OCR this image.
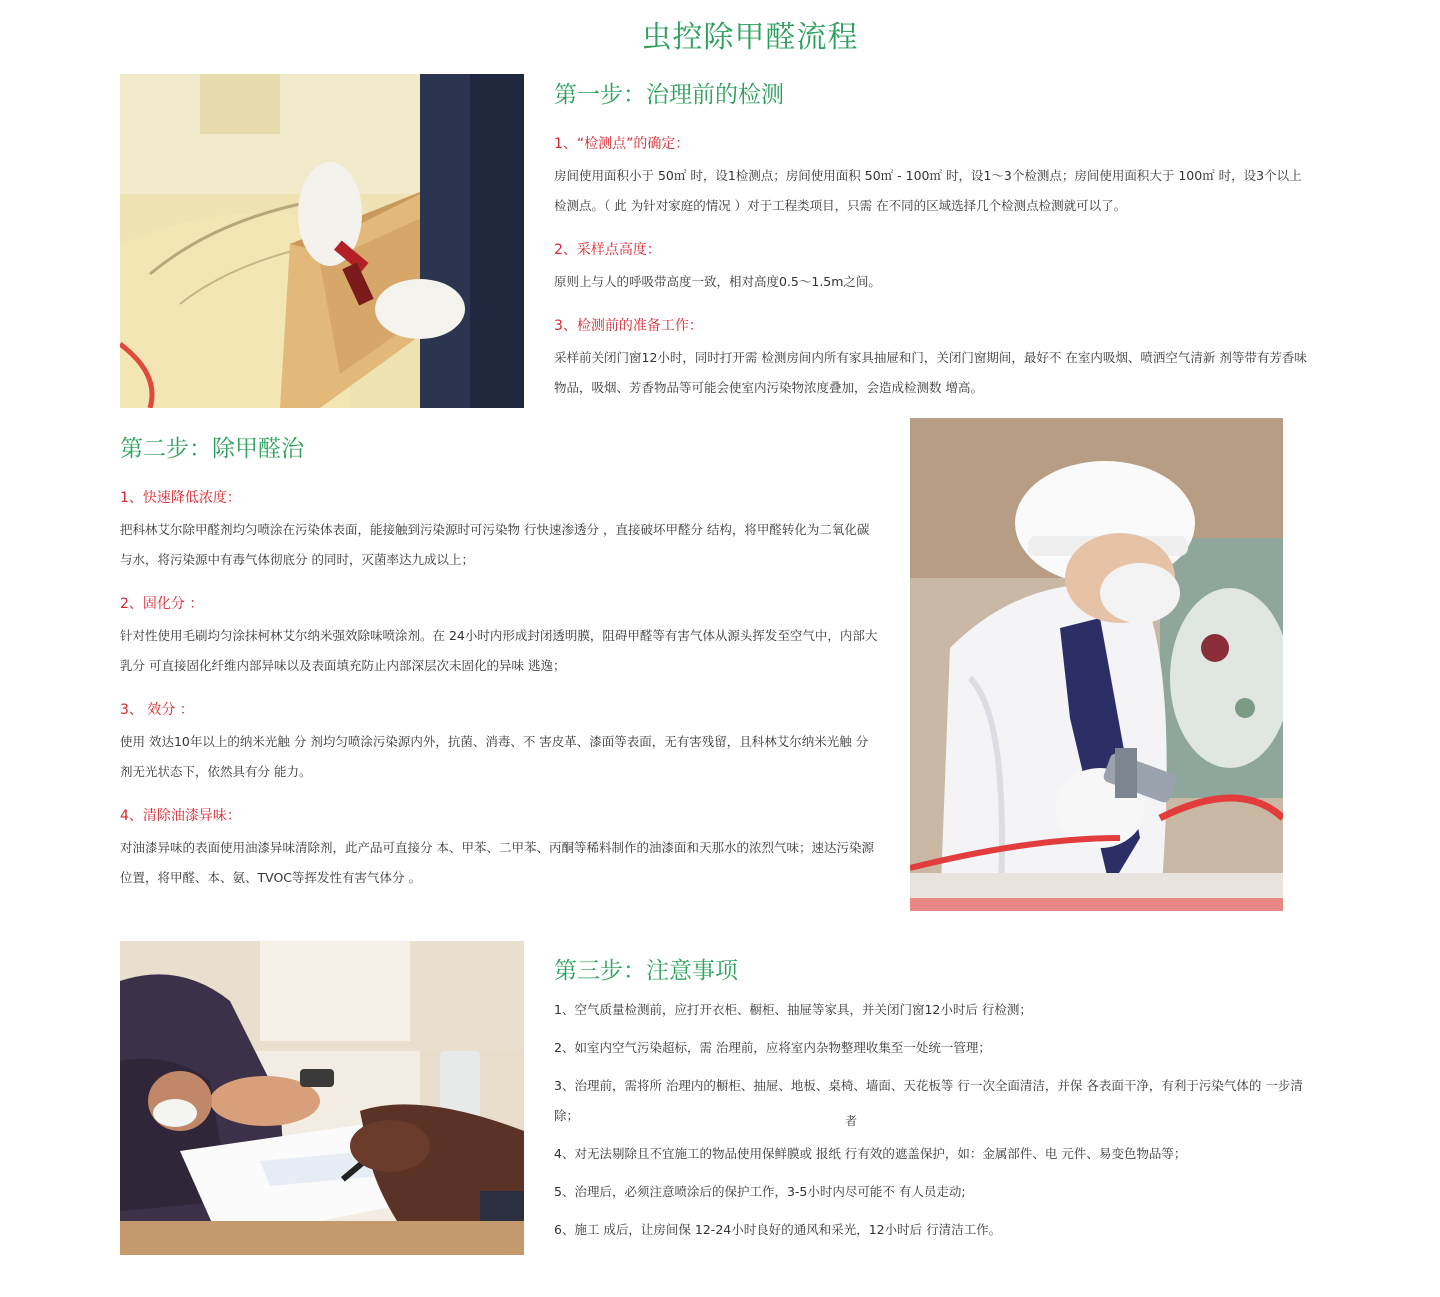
虫控除甲醛流程
第一步：治理前的检测

1、“检测点”的确定：

房间使用面积小于 50㎡ 时，设1检测点；房间使用面积 50㎡ - 100㎡ 时，设1～3个检测点；房间使用面积大于 100㎡ 时，设3个以上检测点。（ 此 为针对家庭的情况 ）对于工程类项目，只需 在不同的区域选择几个检测点检测就可以了。

2、采样点高度：

原则上与人的呼吸带高度一致，相对高度0.5～1.5m之间。

3、检测前的准备工作：

采样前关闭门窗12小时，同时打开需 检测房间内所有家具抽屉和门，关闭门窗期间，最好不 在室内吸烟、喷洒空气清新 剂等带有芳香味物品，吸烟、芳香物品等可能会使室内污染物浓度叠加，会造成检测数 增高。

第二步：除甲醛治

1、快速降低浓度：

把科林艾尔除甲醛剂均匀喷涂在污染体表面，能接触到污染源时可污染物 行快速渗透分 ，直接破坏甲醛分 结构，将甲醛转化为二氧化碳与水，将污染源中有毒气体彻底分 的同时，灭菌率达九成以上；

2、固化分 ：

针对性使用毛刷均匀涂抹柯林艾尔纳米强效除味喷涂剂。在 24小时内形成封闭透明膜，阻碍甲醛等有害气体从源头挥发至空气中，内部大乳分 可直接固化纤维内部异味以及表面填充防止内部深层次未固化的异味 逃逸；

3、 效分 ：

使用 效达10年以上的纳米光触 分 剂均匀喷涂污染源内外，抗菌、消毒、不 害皮革、漆面等表面，无有害残留，且科林艾尔纳米光触 分 剂无光状态下，依然具有分 能力。

4、清除油漆异味：

对油漆异味的表面使用油漆异味清除剂，此产品可直接分 本、甲苯、二甲苯、丙酮等稀料制作的油漆面和天那水的浓烈气味；速达污染源位置，将甲醛、本、氨、TVOC等挥发性有害气体分 。

第三步：注意事项

1、空气质量检测前，应打开衣柜、橱柜、抽屉等家具，并关闭门窗12小时后 行检测；

2、如室内空气污染超标，需 治理前，应将室内杂物整理收集至一处统一管理；

3、治理前，需将所 治理内的橱柜、抽屉、地板、桌椅、墙面、天花板等 行一次全面清洁，并保 各表面干净，有利于污染气体的 一步清除；

4、对无法剔除且不宜施工的物品使用保鲜膜或 报纸 行有效的遮盖保护，如：金属部件、电 元件、易变色物品等；

5、治理后，必须注意喷涂后的保护工作，3-5小时内尽可能不 有人员走动;

6、施工 成后，让房间保 12-24小时良好的通风和采光，12小时后 行清洁工作。

者
